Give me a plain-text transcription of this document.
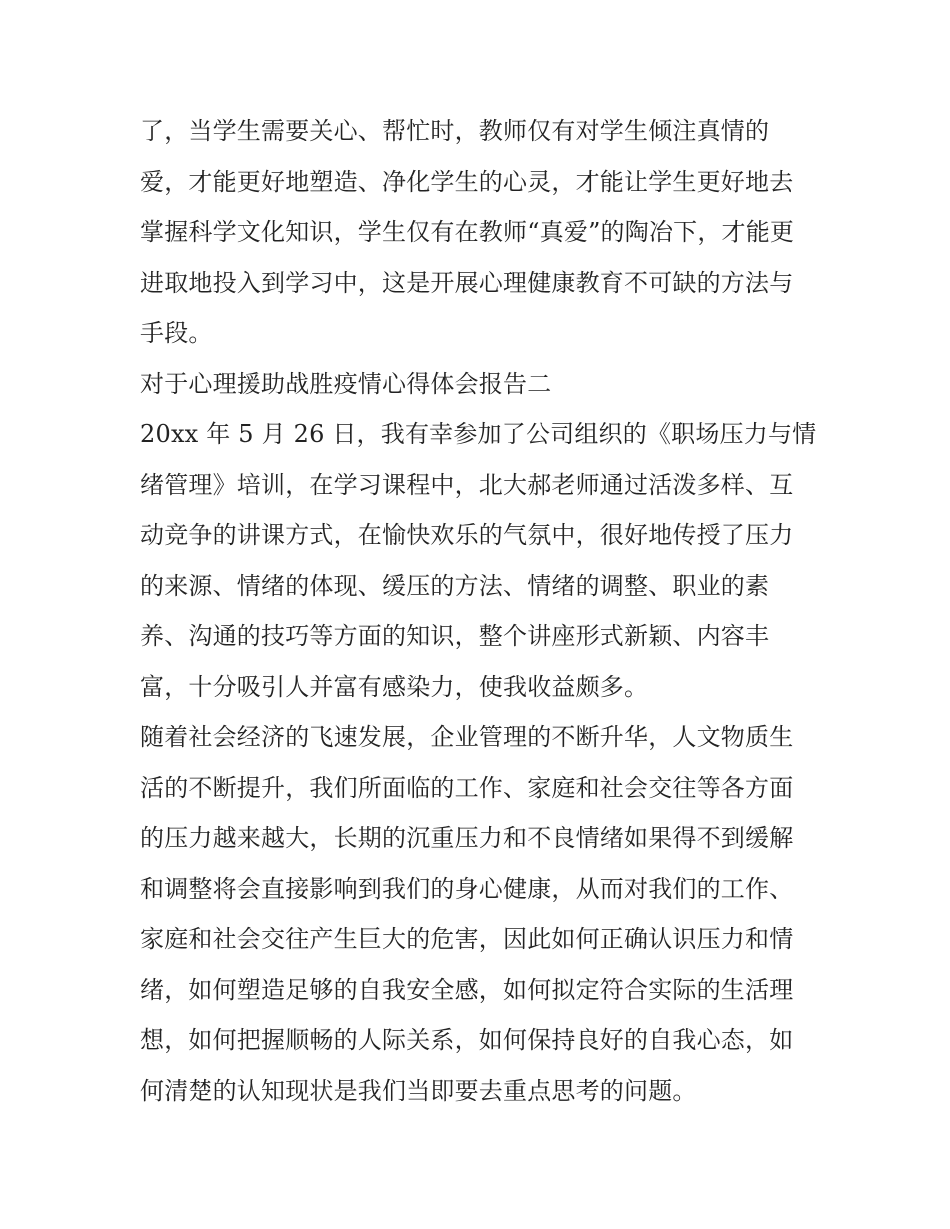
了，当学生需要关心、帮忙时，教师仅有对学生倾注真情的
爱，才能更好地塑造、净化学生的心灵，才能让学生更好地去
掌握科学文化知识，学生仅有在教师“真爱”的陶冶下，才能更
进取地投入到学习中，这是开展心理健康教育不可缺的方法与
手段。
对于心理援助战胜疫情心得体会报告二
20xx 年 5 月 26 日，我有幸参加了公司组织的《职场压力与情
绪管理》培训，在学习课程中，北大郝老师通过活泼多样、互
动竞争的讲课方式，在愉快欢乐的气氛中，很好地传授了压力
的来源、情绪的体现、缓压的方法、情绪的调整、职业的素
养、沟通的技巧等方面的知识，整个讲座形式新颖、内容丰
富，十分吸引人并富有感染力，使我收益颇多。
随着社会经济的飞速发展，企业管理的不断升华，人文物质生
活的不断提升，我们所面临的工作、家庭和社会交往等各方面
的压力越来越大，长期的沉重压力和不良情绪如果得不到缓解
和调整将会直接影响到我们的身心健康，从而对我们的工作、
家庭和社会交往产生巨大的危害，因此如何正确认识压力和情
绪，如何塑造足够的自我安全感，如何拟定符合实际的生活理
想，如何把握顺畅的人际关系，如何保持良好的自我心态，如
何清楚的认知现状是我们当即要去重点思考的问题。
